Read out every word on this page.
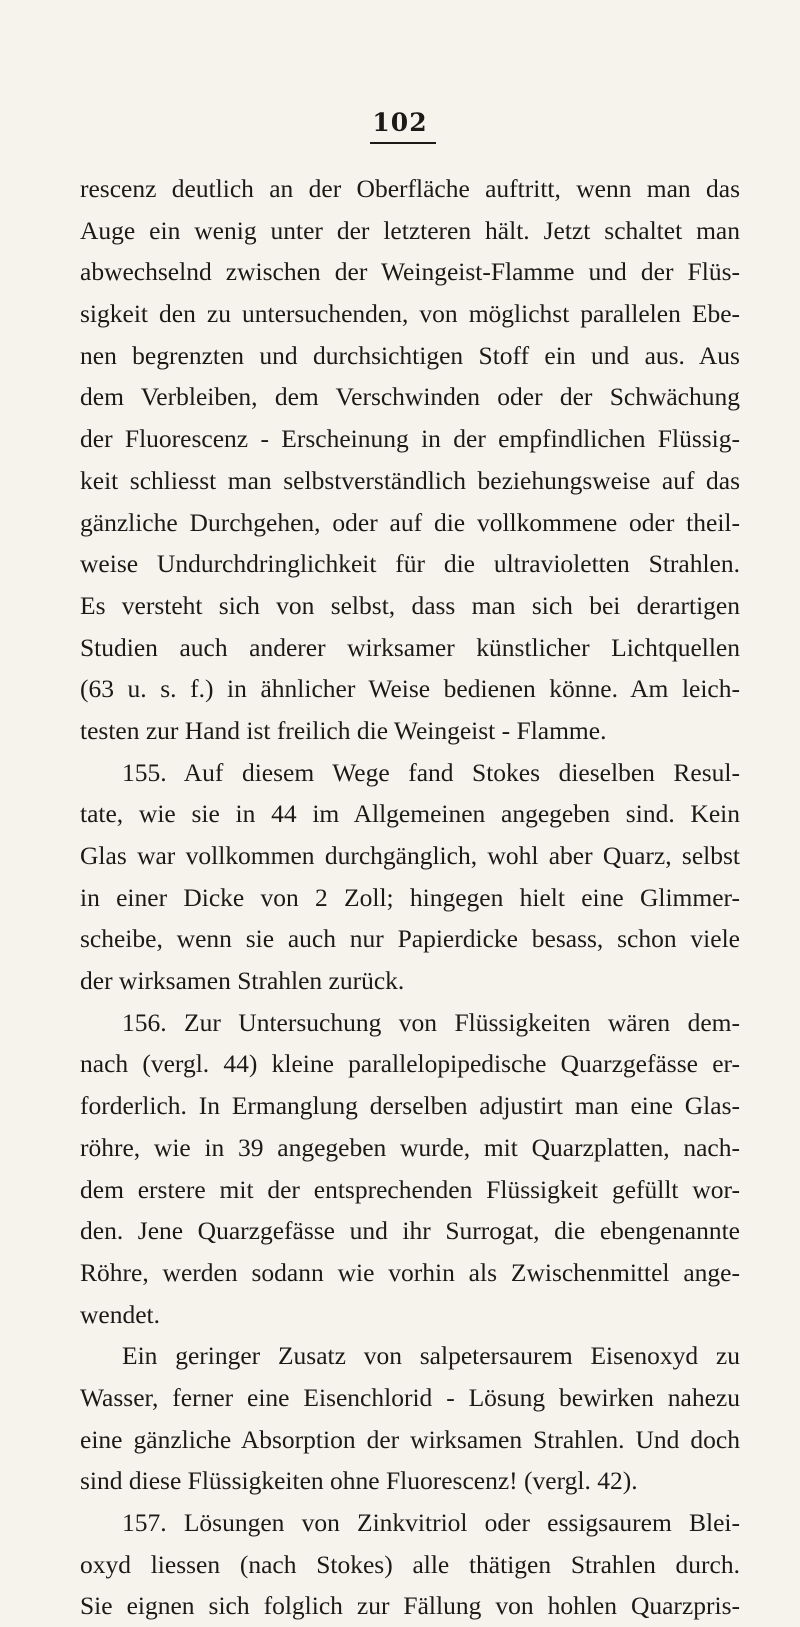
102
rescenz deutlich an der Oberfläche auftritt, wenn man das
Auge ein wenig unter der letzteren hält. Jetzt schaltet man
abwechselnd zwischen der Weingeist-Flamme und der Flüs-
sigkeit den zu untersuchenden, von möglichst parallelen Ebe-
nen begrenzten und durchsichtigen Stoff ein und aus. Aus
dem Verbleiben, dem Verschwinden oder der Schwächung
der Fluorescenz - Erscheinung in der empfindlichen Flüssig-
keit schliesst man selbstverständlich beziehungsweise auf das
gänzliche Durchgehen, oder auf die vollkommene oder theil-
weise Undurchdringlichkeit für die ultravioletten Strahlen.
Es versteht sich von selbst, dass man sich bei derartigen
Studien auch anderer wirksamer künstlicher Lichtquellen
(63 u. s. f.) in ähnlicher Weise bedienen könne. Am leich-
testen zur Hand ist freilich die Weingeist - Flamme.
155. Auf diesem Wege fand Stokes dieselben Resul-
tate, wie sie in 44 im Allgemeinen angegeben sind. Kein
Glas war vollkommen durchgänglich, wohl aber Quarz, selbst
in einer Dicke von 2 Zoll; hingegen hielt eine Glimmer-
scheibe, wenn sie auch nur Papierdicke besass, schon viele
der wirksamen Strahlen zurück.
156. Zur Untersuchung von Flüssigkeiten wären dem-
nach (vergl. 44) kleine parallelopipedische Quarzgefässe er-
forderlich. In Ermanglung derselben adjustirt man eine Glas-
röhre, wie in 39 angegeben wurde, mit Quarzplatten, nach-
dem erstere mit der entsprechenden Flüssigkeit gefüllt wor-
den. Jene Quarzgefässe und ihr Surrogat, die ebengenannte
Röhre, werden sodann wie vorhin als Zwischenmittel ange-
wendet.
Ein geringer Zusatz von salpetersaurem Eisenoxyd zu
Wasser, ferner eine Eisenchlorid - Lösung bewirken nahezu
eine gänzliche Absorption der wirksamen Strahlen. Und doch
sind diese Flüssigkeiten ohne Fluorescenz! (vergl. 42).
157. Lösungen von Zinkvitriol oder essigsaurem Blei-
oxyd liessen (nach Stokes) alle thätigen Strahlen durch.
Sie eignen sich folglich zur Fällung von hohlen Quarzpris-
